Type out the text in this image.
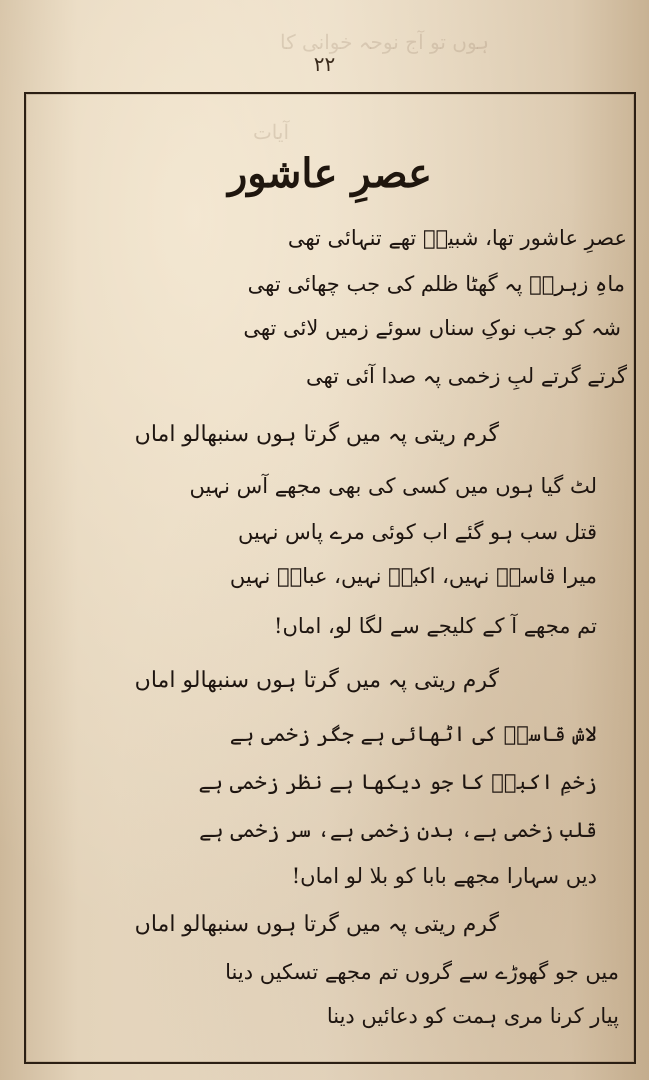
ہوں تو آج نوحہ خوانی کا
آیات
۲۲
عصرِ عاشور
عصرِ عاشور تھا، شبیرؑ تھے تنہائی تھی
ماہِ زہراؑ پہ گھٹا ظلم کی جب چھائی تھی
شہ کو جب نوکِ سناں سوئے زمیں لائی تھی
گرتے گرتے لبِ زخمی پہ صدا آئی تھی
گرم ریتی پہ میں گرتا ہوں سنبھالو اماں
لٹ گیا ہوں میں کسی کی بھی مجھے آس نہیں
قتل سب ہو گئے اب کوئی مرے پاس نہیں
میرا قاسمؑ نہیں، اکبرؑ نہیں، عباسؑ نہیں
تم مجھے آ کے کلیجے سے لگا لو، اماں!
گرم ریتی پہ میں گرتا ہوں سنبھالو اماں
لاش قاسمؑ کی اٹھائی ہے جگر زخمی ہے
زخمِ اکبرؑ کا جو دیکھا ہے نظر زخمی ہے
قلب زخمی ہے، بدن زخمی ہے، سر زخمی ہے
دیں سہارا مجھے بابا کو بلا لو اماں!
گرم ریتی پہ میں گرتا ہوں سنبھالو اماں
میں جو گھوڑے سے گروں تم مجھے تسکیں دینا
پیار کرنا مری ہمت کو دعائیں دینا
